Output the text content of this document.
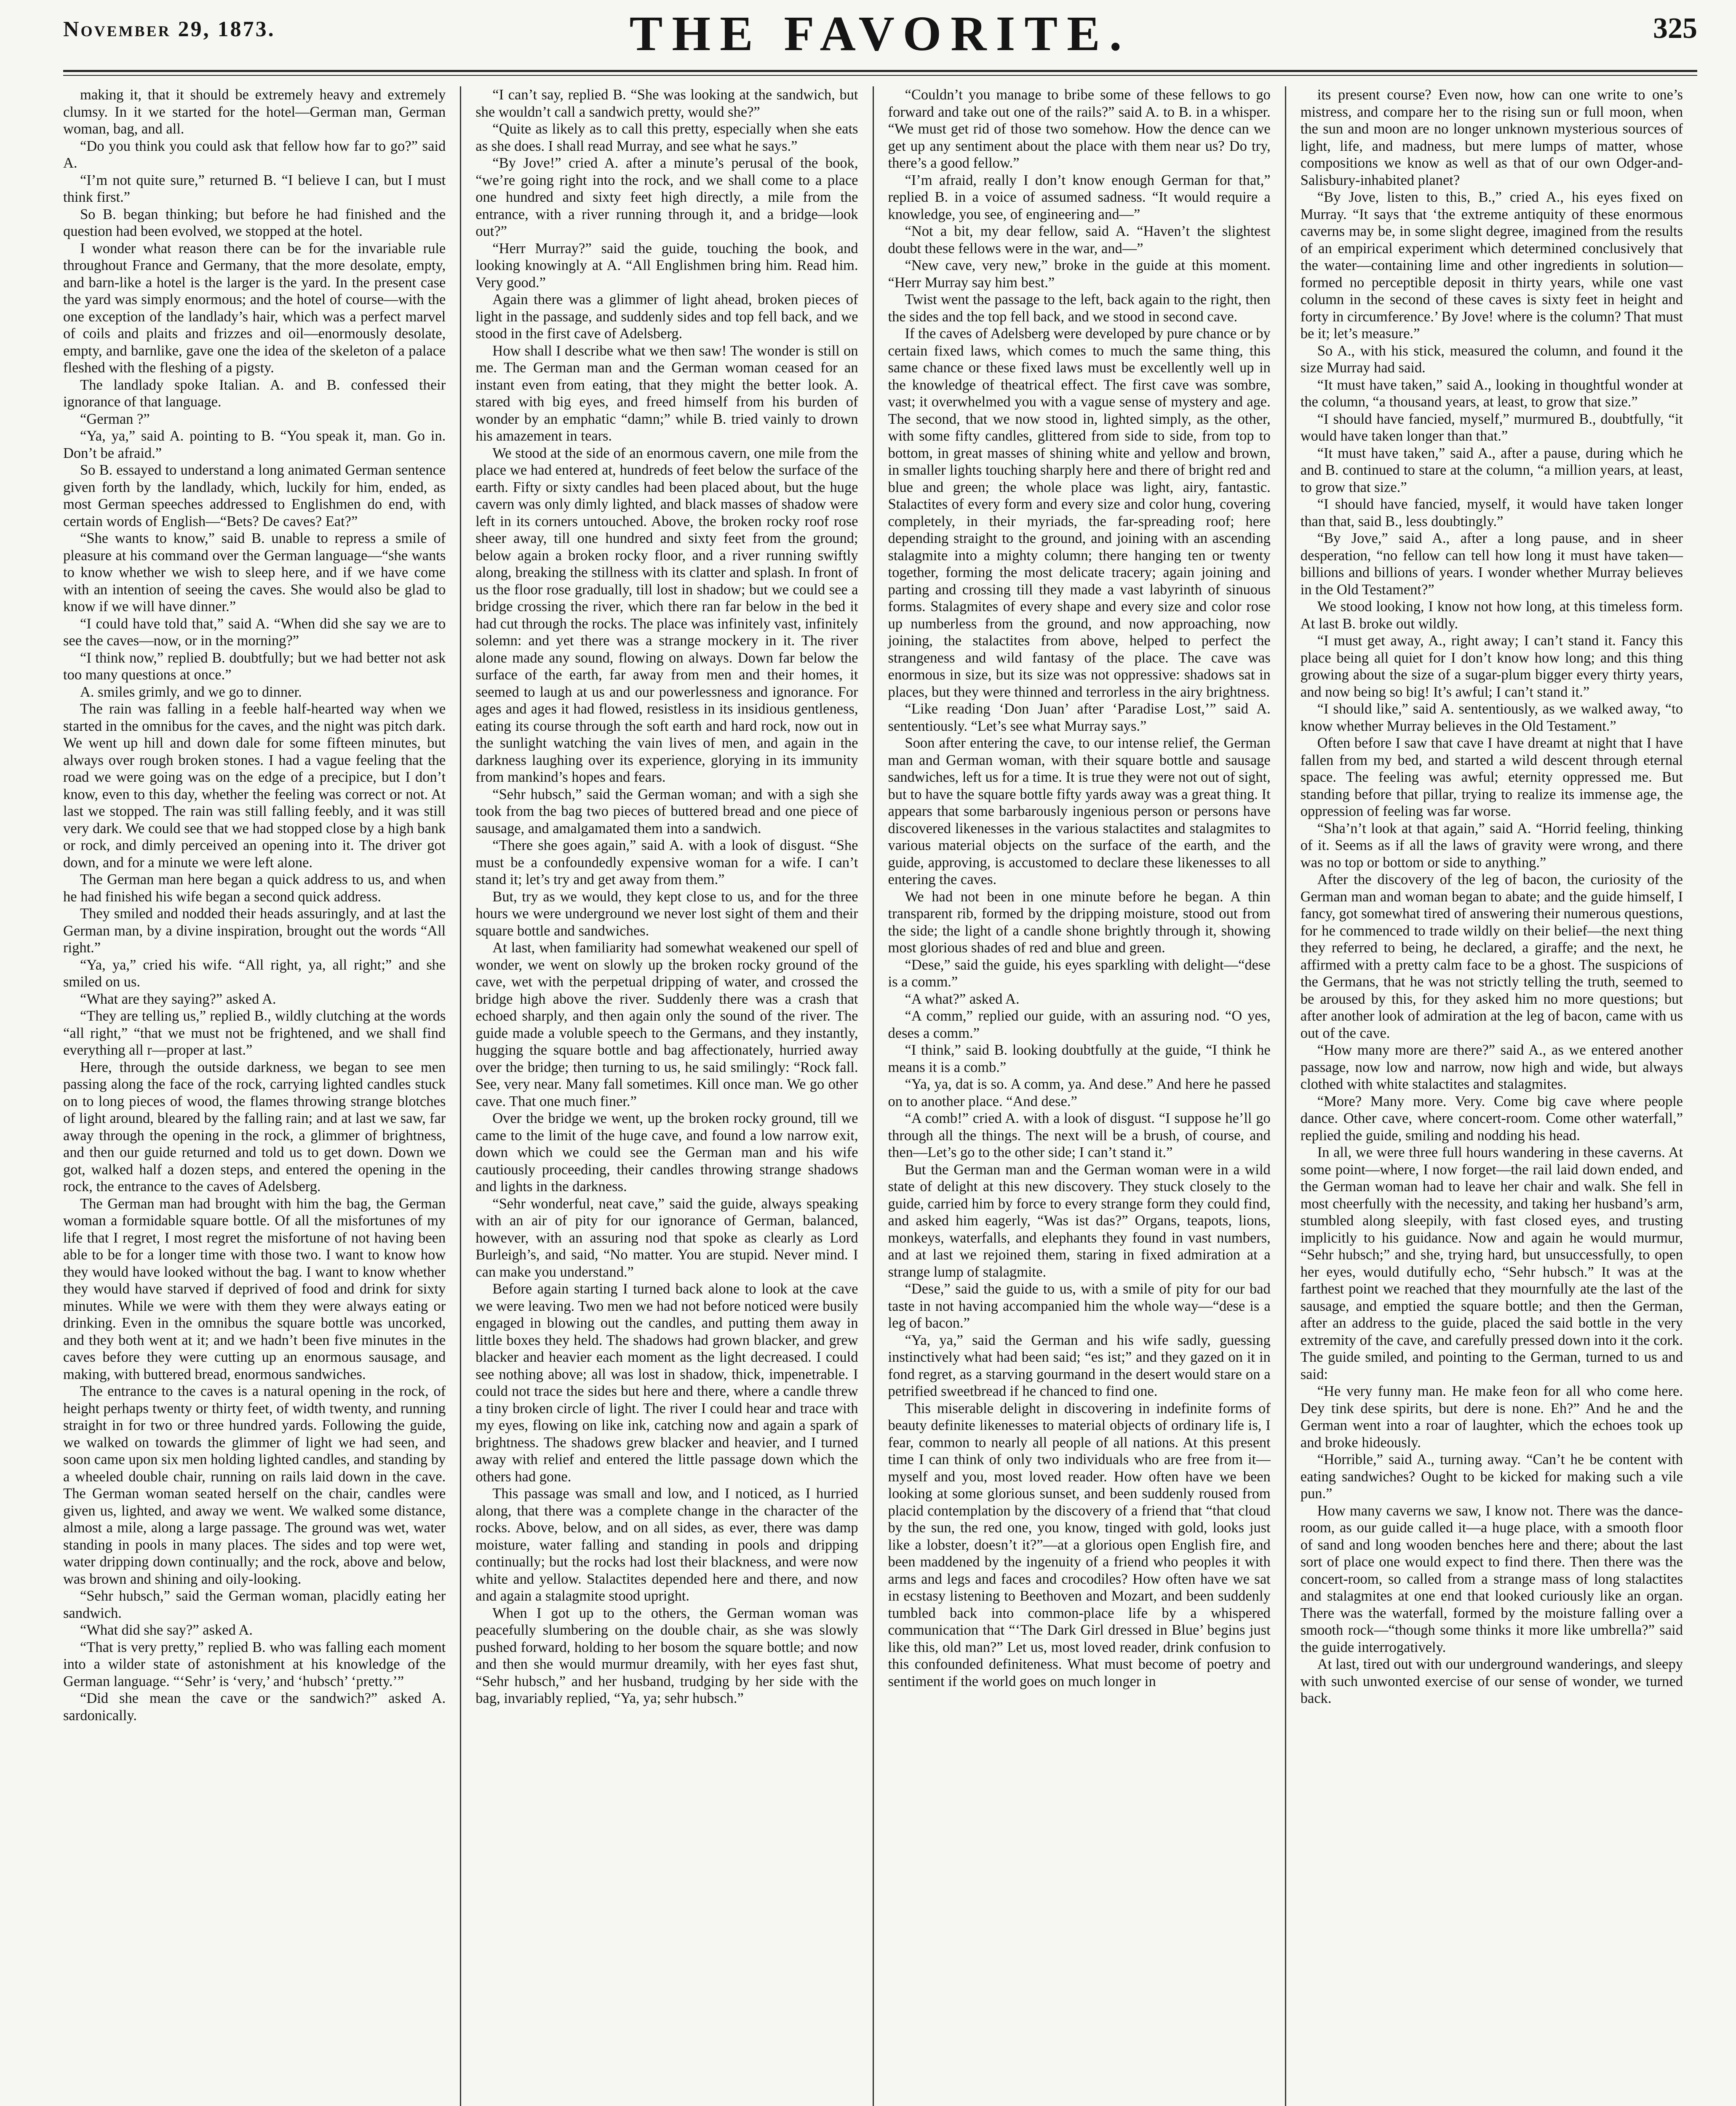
November 29, 1873.	THE FAVORITE.	325

making it, that it should be extremely heavy and extremely clumsy. In it we started for the hotel—German man, German woman, bag, and all.

“Do you think you could ask that fellow how far to go?” said A.

“I’m not quite sure,” returned B. “I believe I can, but I must think first.”

So B. began thinking; but before he had finished and the question had been evolved, we stopped at the hotel.

I wonder what reason there can be for the invariable rule throughout France and Germany, that the more desolate, empty, and barn-like a hotel is the larger is the yard. In the present case the yard was simply enormous; and the hotel of course—with the one exception of the landlady’s hair, which was a perfect marvel of coils and plaits and frizzes and oil—enormously desolate, empty, and barnlike, gave one the idea of the skeleton of a palace fleshed with the fleshing of a pigsty.

The landlady spoke Italian. A. and B. confessed their ignorance of that language.

“German ?”

“Ya, ya,” said A. pointing to B. “You speak it, man. Go in. Don’t be afraid.”

So B. essayed to understand a long animated German sentence given forth by the landlady, which, luckily for him, ended, as most German speeches addressed to Englishmen do end, with certain words of English—“Bets? De caves? Eat?”

“She wants to know,” said B. unable to repress a smile of pleasure at his command over the German language—“she wants to know whether we wish to sleep here, and if we have come with an intention of seeing the caves. She would also be glad to know if we will have dinner.”

“I could have told that,” said A. “When did she say we are to see the caves—now, or in the morning?”

“I think now,” replied B. doubtfully; but we had better not ask too many questions at once.”

A. smiles grimly, and we go to dinner.

The rain was falling in a feeble half-hearted way when we started in the omnibus for the caves, and the night was pitch dark. We went up hill and down dale for some fifteen minutes, but always over rough broken stones. I had a vague feeling that the road we were going was on the edge of a precipice, but I don’t know, even to this day, whether the feeling was correct or not. At last we stopped. The rain was still falling feebly, and it was still very dark. We could see that we had stopped close by a high bank or rock, and dimly perceived an opening into it. The driver got down, and for a minute we were left alone.

The German man here began a quick address to us, and when he had finished his wife began a second quick address.

They smiled and nodded their heads assuringly, and at last the German man, by a divine inspiration, brought out the words “All right.”

“Ya, ya,” cried his wife. “All right, ya, all right;” and she smiled on us.

“What are they saying?” asked A.

“They are telling us,” replied B., wildly clutching at the words “all right,” “that we must not be frightened, and we shall find everything all r—proper at last.”

Here, through the outside darkness, we began to see men passing along the face of the rock, carrying lighted candles stuck on to long pieces of wood, the flames throwing strange blotches of light around, bleared by the falling rain; and at last we saw, far away through the opening in the rock, a glimmer of brightness, and then our guide returned and told us to get down. Down we got, walked half a dozen steps, and entered the opening in the rock, the entrance to the caves of Adelsberg.

The German man had brought with him the bag, the German woman a formidable square bottle. Of all the misfortunes of my life that I regret, I most regret the misfortune of not having been able to be for a longer time with those two. I want to know how they would have looked without the bag. I want to know whether they would have starved if deprived of food and drink for sixty minutes. While we were with them they were always eating or drinking. Even in the omnibus the square bottle was uncorked, and they both went at it; and we hadn’t been five minutes in the caves before they were cutting up an enormous sausage, and making, with buttered bread, enormous sandwiches.

The entrance to the caves is a natural opening in the rock, of height perhaps twenty or thirty feet, of width twenty, and running straight in for two or three hundred yards. Following the guide, we walked on towards the glimmer of light we had seen, and soon came upon six men holding lighted candles, and standing by a wheeled double chair, running on rails laid down in the cave. The German woman seated herself on the chair, candles were given us, lighted, and away we went. We walked some distance, almost a mile, along a large passage. The ground was wet, water standing in pools in many places. The sides and top were wet, water dripping down continually; and the rock, above and below, was brown and shining and oily-looking.

“Sehr hubsch,” said the German woman, placidly eating her sandwich.

“What did she say?” asked A.

“That is very pretty,” replied B. who was falling each moment into a wilder state of astonishment at his knowledge of the German language. “‘Sehr’ is ‘very,’ and ‘hubsch’ ‘pretty.’”

“Did she mean the cave or the sandwich?” asked A. sardonically.

“I can’t say, replied B. “She was looking at the sandwich, but she wouldn’t call a sandwich pretty, would she?”

“Quite as likely as to call this pretty, especially when she eats as she does. I shall read Murray, and see what he says.”

“By Jove!” cried A. after a minute’s perusal of the book, “we’re going right into the rock, and we shall come to a place one hundred and sixty feet high directly, a mile from the entrance, with a river running through it, and a bridge—look out?”

“Herr Murray?” said the guide, touching the book, and looking knowingly at A. “All Englishmen bring him. Read him. Very good.”

Again there was a glimmer of light ahead, broken pieces of light in the passage, and suddenly sides and top fell back, and we stood in the first cave of Adelsberg.

How shall I describe what we then saw! The wonder is still on me. The German man and the German woman ceased for an instant even from eating, that they might the better look. A. stared with big eyes, and freed himself from his burden of wonder by an emphatic “damn;” while B. tried vainly to drown his amazement in tears.

We stood at the side of an enormous cavern, one mile from the place we had entered at, hundreds of feet below the surface of the earth. Fifty or sixty candles had been placed about, but the huge cavern was only dimly lighted, and black masses of shadow were left in its corners untouched. Above, the broken rocky roof rose sheer away, till one hundred and sixty feet from the ground; below again a broken rocky floor, and a river running swiftly along, breaking the stillness with its clatter and splash. In front of us the floor rose gradually, till lost in shadow; but we could see a bridge crossing the river, which there ran far below in the bed it had cut through the rocks. The place was infinitely vast, infinitely solemn: and yet there was a strange mockery in it. The river alone made any sound, flowing on always. Down far below the surface of the earth, far away from men and their homes, it seemed to laugh at us and our powerlessness and ignorance. For ages and ages it had flowed, resistless in its insidious gentleness, eating its course through the soft earth and hard rock, now out in the sunlight watching the vain lives of men, and again in the darkness laughing over its experience, glorying in its immunity from mankind’s hopes and fears.

“Sehr hubsch,” said the German woman; and with a sigh she took from the bag two pieces of buttered bread and one piece of sausage, and amalgamated them into a sandwich.

“There she goes again,” said A. with a look of disgust. “She must be a confoundedly expensive woman for a wife. I can’t stand it; let’s try and get away from them.”

But, try as we would, they kept close to us, and for the three hours we were underground we never lost sight of them and their square bottle and sandwiches.

At last, when familiarity had somewhat weakened our spell of wonder, we went on slowly up the broken rocky ground of the cave, wet with the perpetual dripping of water, and crossed the bridge high above the river. Suddenly there was a crash that echoed sharply, and then again only the sound of the river. The guide made a voluble speech to the Germans, and they instantly, hugging the square bottle and bag affectionately, hurried away over the bridge; then turning to us, he said smilingly: “Rock fall. See, very near. Many fall sometimes. Kill once man. We go other cave. That one much finer.”

Over the bridge we went, up the broken rocky ground, till we came to the limit of the huge cave, and found a low narrow exit, down which we could see the German man and his wife cautiously proceeding, their candles throwing strange shadows and lights in the darkness.

“Sehr wonderful, neat cave,” said the guide, always speaking with an air of pity for our ignorance of German, balanced, however, with an assuring nod that spoke as clearly as Lord Burleigh’s, and said, “No matter. You are stupid. Never mind. I can make you understand.”

Before again starting I turned back alone to look at the cave we were leaving. Two men we had not before noticed were busily engaged in blowing out the candles, and putting them away in little boxes they held. The shadows had grown blacker, and grew blacker and heavier each moment as the light decreased. I could see nothing above; all was lost in shadow, thick, impenetrable. I could not trace the sides but here and there, where a candle threw a tiny broken circle of light. The river I could hear and trace with my eyes, flowing on like ink, catching now and again a spark of brightness. The shadows grew blacker and heavier, and I turned away with relief and entered the little passage down which the others had gone.

This passage was small and low, and I noticed, as I hurried along, that there was a complete change in the character of the rocks. Above, below, and on all sides, as ever, there was damp moisture, water falling and standing in pools and dripping continually; but the rocks had lost their blackness, and were now white and yellow. Stalactites depended here and there, and now and again a stalagmite stood upright.

When I got up to the others, the German woman was peacefully slumbering on the double chair, as she was slowly pushed forward, holding to her bosom the square bottle; and now and then she would murmur dreamily, with her eyes fast shut, “Sehr hubsch,” and her husband, trudging by her side with the bag, invariably replied, “Ya, ya; sehr hubsch.”

“Couldn’t you manage to bribe some of these fellows to go forward and take out one of the rails?” said A. to B. in a whisper. “We must get rid of those two somehow. How the dence can we get up any sentiment about the place with them near us? Do try, there’s a good fellow.”

“I’m afraid, really I don’t know enough German for that,” replied B. in a voice of assumed sadness. “It would require a knowledge, you see, of engineering and—”

“Not a bit, my dear fellow, said A. “Haven’t the slightest doubt these fellows were in the war, and—”

“New cave, very new,” broke in the guide at this moment. “Herr Murray say him best.”

Twist went the passage to the left, back again to the right, then the sides and the top fell back, and we stood in second cave.

If the caves of Adelsberg were developed by pure chance or by certain fixed laws, which comes to much the same thing, this same chance or these fixed laws must be excellently well up in the knowledge of theatrical effect. The first cave was sombre, vast; it overwhelmed you with a vague sense of mystery and age. The second, that we now stood in, lighted simply, as the other, with some fifty candles, glittered from side to side, from top to bottom, in great masses of shining white and yellow and brown, in smaller lights touching sharply here and there of bright red and blue and green; the whole place was light, airy, fantastic. Stalactites of every form and every size and color hung, covering completely, in their myriads, the far-spreading roof; here depending straight to the ground, and joining with an ascending stalagmite into a mighty column; there hanging ten or twenty together, forming the most delicate tracery; again joining and parting and crossing till they made a vast labyrinth of sinuous forms. Stalagmites of every shape and every size and color rose up numberless from the ground, and now approaching, now joining, the stalactites from above, helped to perfect the strangeness and wild fantasy of the place. The cave was enormous in size, but its size was not oppressive: shadows sat in places, but they were thinned and terrorless in the airy brightness.

“Like reading ‘Don Juan’ after ‘Paradise Lost,’” said A. sententiously. “Let’s see what Murray says.”

Soon after entering the cave, to our intense relief, the German man and German woman, with their square bottle and sausage sandwiches, left us for a time. It is true they were not out of sight, but to have the square bottle fifty yards away was a great thing. It appears that some barbarously ingenious person or persons have discovered likenesses in the various stalactites and stalagmites to various material objects on the surface of the earth, and the guide, approving, is accustomed to declare these likenesses to all entering the caves.

We had not been in one minute before he began. A thin transparent rib, formed by the dripping moisture, stood out from the side; the light of a candle shone brightly through it, showing most glorious shades of red and blue and green.

“Dese,” said the guide, his eyes sparkling with delight—“dese is a comm.”

“A what?” asked A.

“A comm,” replied our guide, with an assuring nod. “O yes, deses a comm.”

“I think,” said B. looking doubtfully at the guide, “I think he means it is a comb.”

“Ya, ya, dat is so. A comm, ya. And dese.” And here he passed on to another place. “And dese.”

“A comb!” cried A. with a look of disgust. “I suppose he’ll go through all the things. The next will be a brush, of course, and then—Let’s go to the other side; I can’t stand it.”

But the German man and the German woman were in a wild state of delight at this new discovery. They stuck closely to the guide, carried him by force to every strange form they could find, and asked him eagerly, “Was ist das?” Organs, teapots, lions, monkeys, waterfalls, and elephants they found in vast numbers, and at last we rejoined them, staring in fixed admiration at a strange lump of stalagmite.

“Dese,” said the guide to us, with a smile of pity for our bad taste in not having accompanied him the whole way—“dese is a leg of bacon.”

“Ya, ya,” said the German and his wife sadly, guessing instinctively what had been said; “es ist;” and they gazed on it in fond regret, as a starving gourmand in the desert would stare on a petrified sweetbread if he chanced to find one.

This miserable delight in discovering in indefinite forms of beauty definite likenesses to material objects of ordinary life is, I fear, common to nearly all people of all nations. At this present time I can think of only two individuals who are free from it—myself and you, most loved reader. How often have we been looking at some glorious sunset, and been suddenly roused from placid contemplation by the discovery of a friend that “that cloud by the sun, the red one, you know, tinged with gold, looks just like a lobster, doesn’t it?”—at a glorious open English fire, and been maddened by the ingenuity of a friend who peoples it with arms and legs and faces and crocodiles? How often have we sat in ecstasy listening to Beethoven and Mozart, and been suddenly tumbled back into common-place life by a whispered communication that “‘The Dark Girl dressed in Blue’ begins just like this, old man?” Let us, most loved reader, drink confusion to this confounded definiteness. What must become of poetry and sentiment if the world goes on much longer in

its present course? Even now, how can one write to one’s mistress, and compare her to the rising sun or full moon, when the sun and moon are no longer unknown mysterious sources of light, life, and madness, but mere lumps of matter, whose compositions we know as well as that of our own Odger-and-Salisbury-inhabited planet?

“By Jove, listen to this, B.,” cried A., his eyes fixed on Murray. “It says that ‘the extreme antiquity of these enormous caverns may be, in some slight degree, imagined from the results of an empirical experiment which determined conclusively that the water—containing lime and other ingredients in solution—formed no perceptible deposit in thirty years, while one vast column in the second of these caves is sixty feet in height and forty in circumference.’ By Jove! where is the column? That must be it; let’s measure.”

So A., with his stick, measured the column, and found it the size Murray had said.

“It must have taken,” said A., looking in thoughtful wonder at the column, “a thousand years, at least, to grow that size.”

“I should have fancied, myself,” murmured B., doubtfully, “it would have taken longer than that.”

“It must have taken,” said A., after a pause, during which he and B. continued to stare at the column, “a million years, at least, to grow that size.”

“I should have fancied, myself, it would have taken longer than that, said B., less doubtingly.”

“By Jove,” said A., after a long pause, and in sheer desperation, “no fellow can tell how long it must have taken—billions and billions of years. I wonder whether Murray believes in the Old Testament?”

We stood looking, I know not how long, at this timeless form. At last B. broke out wildly.

“I must get away, A., right away; I can’t stand it. Fancy this place being all quiet for I don’t know how long; and this thing growing about the size of a sugar-plum bigger every thirty years, and now being so big! It’s awful; I can’t stand it.”

“I should like,” said A. sententiously, as we walked away, “to know whether Murray believes in the Old Testament.”

Often before I saw that cave I have dreamt at night that I have fallen from my bed, and started a wild descent through eternal space. The feeling was awful; eternity oppressed me. But standing before that pillar, trying to realize its immense age, the oppression of feeling was far worse.

“Sha’n’t look at that again,” said A. “Horrid feeling, thinking of it. Seems as if all the laws of gravity were wrong, and there was no top or bottom or side to anything.”

After the discovery of the leg of bacon, the curiosity of the German man and woman began to abate; and the guide himself, I fancy, got somewhat tired of answering their numerous questions, for he commenced to trade wildly on their belief—the next thing they referred to being, he declared, a giraffe; and the next, he affirmed with a pretty calm face to be a ghost. The suspicions of the Germans, that he was not strictly telling the truth, seemed to be aroused by this, for they asked him no more questions; but after another look of admiration at the leg of bacon, came with us out of the cave.

“How many more are there?” said A., as we entered another passage, now low and narrow, now high and wide, but always clothed with white stalactites and stalagmites.

“More? Many more. Very. Come big cave where people dance. Other cave, where concert-room. Come other waterfall,” replied the guide, smiling and nodding his head.

In all, we were three full hours wandering in these caverns. At some point—where, I now forget—the rail laid down ended, and the German woman had to leave her chair and walk. She fell in most cheerfully with the necessity, and taking her husband’s arm, stumbled along sleepily, with fast closed eyes, and trusting implicitly to his guidance. Now and again he would murmur, “Sehr hubsch;” and she, trying hard, but unsuccessfully, to open her eyes, would dutifully echo, “Sehr hubsch.” It was at the farthest point we reached that they mournfully ate the last of the sausage, and emptied the square bottle; and then the German, after an address to the guide, placed the said bottle in the very extremity of the cave, and carefully pressed down into it the cork. The guide smiled, and pointing to the German, turned to us and said:

“He very funny man. He make feon for all who come here. Dey tink dese spirits, but dere is none. Eh?” And he and the German went into a roar of laughter, which the echoes took up and broke hideously.

“Horrible,” said A., turning away. “Can’t he be content with eating sandwiches? Ought to be kicked for making such a vile pun.”

How many caverns we saw, I know not. There was the dance-room, as our guide called it—a huge place, with a smooth floor of sand and long wooden benches here and there; about the last sort of place one would expect to find there. Then there was the concert-room, so called from a strange mass of long stalactites and stalagmites at one end that looked curiously like an organ. There was the waterfall, formed by the moisture falling over a smooth rock—“though some thinks it more like umbrella?” said the guide interrogatively.

At last, tired out with our underground wanderings, and sleepy with such unwonted exercise of our sense of wonder, we turned back.
